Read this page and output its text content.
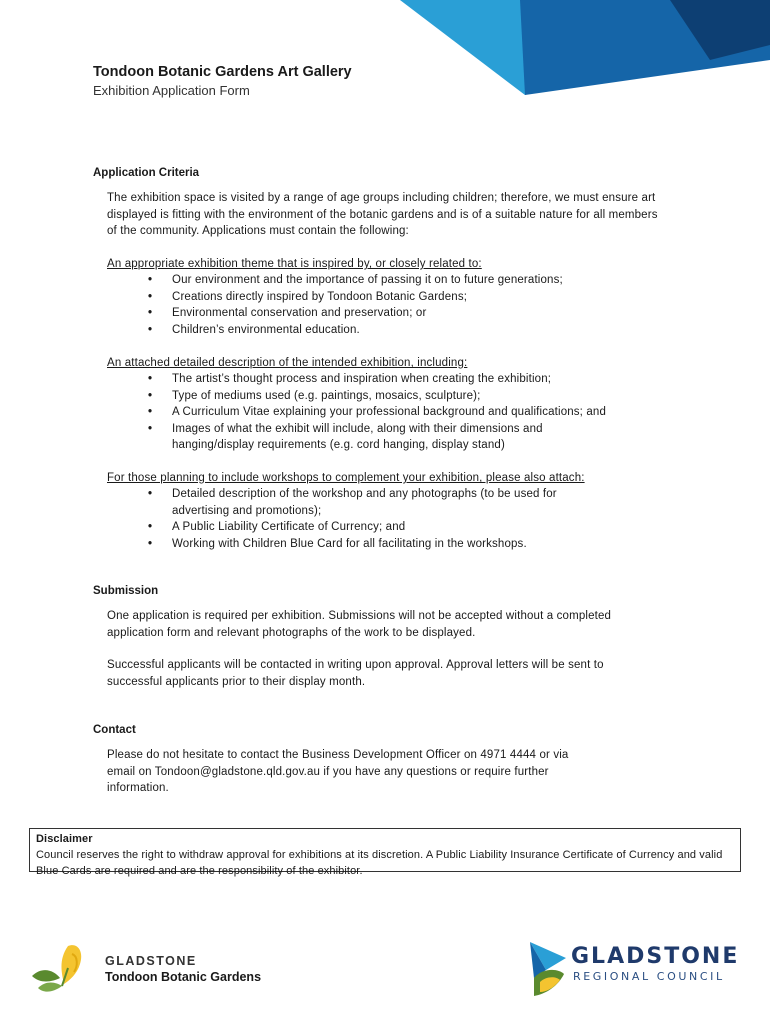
Tondoon Botanic Gardens Art Gallery

Exhibition Application Form

Application Criteria

The exhibition space is visited by a range of age groups including children; therefore, we must ensure art displayed is fitting with the environment of the botanic gardens and is of a suitable nature for all members of the community. Applications must contain the following:

An appropriate exhibition theme that is inspired by, or closely related to:

• Our environment and the importance of passing it on to future generations;
• Creations directly inspired by Tondoon Botanic Gardens;
• Environmental conservation and preservation; or
• Children’s environmental education.

An attached detailed description of the intended exhibition, including:

• The artist’s thought process and inspiration when creating the exhibition;
• Type of mediums used (e.g. paintings, mosaics, sculpture);
• A Curriculum Vitae explaining your professional background and qualifications; and
• Images of what the exhibit will include, along with their dimensions and hanging/display requirements (e.g. cord hanging, display stand)

For those planning to include workshops to complement your exhibition, please also attach:

• Detailed description of the workshop and any photographs (to be used for advertising and promotions);
• A Public Liability Certificate of Currency; and
• Working with Children Blue Card for all facilitating in the workshops.
Submission

One application is required per exhibition. Submissions will not be accepted without a completed application form and relevant photographs of the work to be displayed.

Successful applicants will be contacted in writing upon approval. Approval letters will be sent to successful applicants prior to their display month.

Contact

Please do not hesitate to contact the Business Development Officer on 4971 4444 or via email on Tondoon@gladstone.qld.gov.au if you have any questions or require further information.

Disclaimer
Council reserves the right to withdraw approval for exhibitions at its discretion. A Public Liability Insurance Certificate of Currency and valid Blue Cards are required and are the responsibility of the exhibitor.
GLADSTONE
Tondoon Botanic Gardens
GLADSTONE
REGIONAL COUNCIL
